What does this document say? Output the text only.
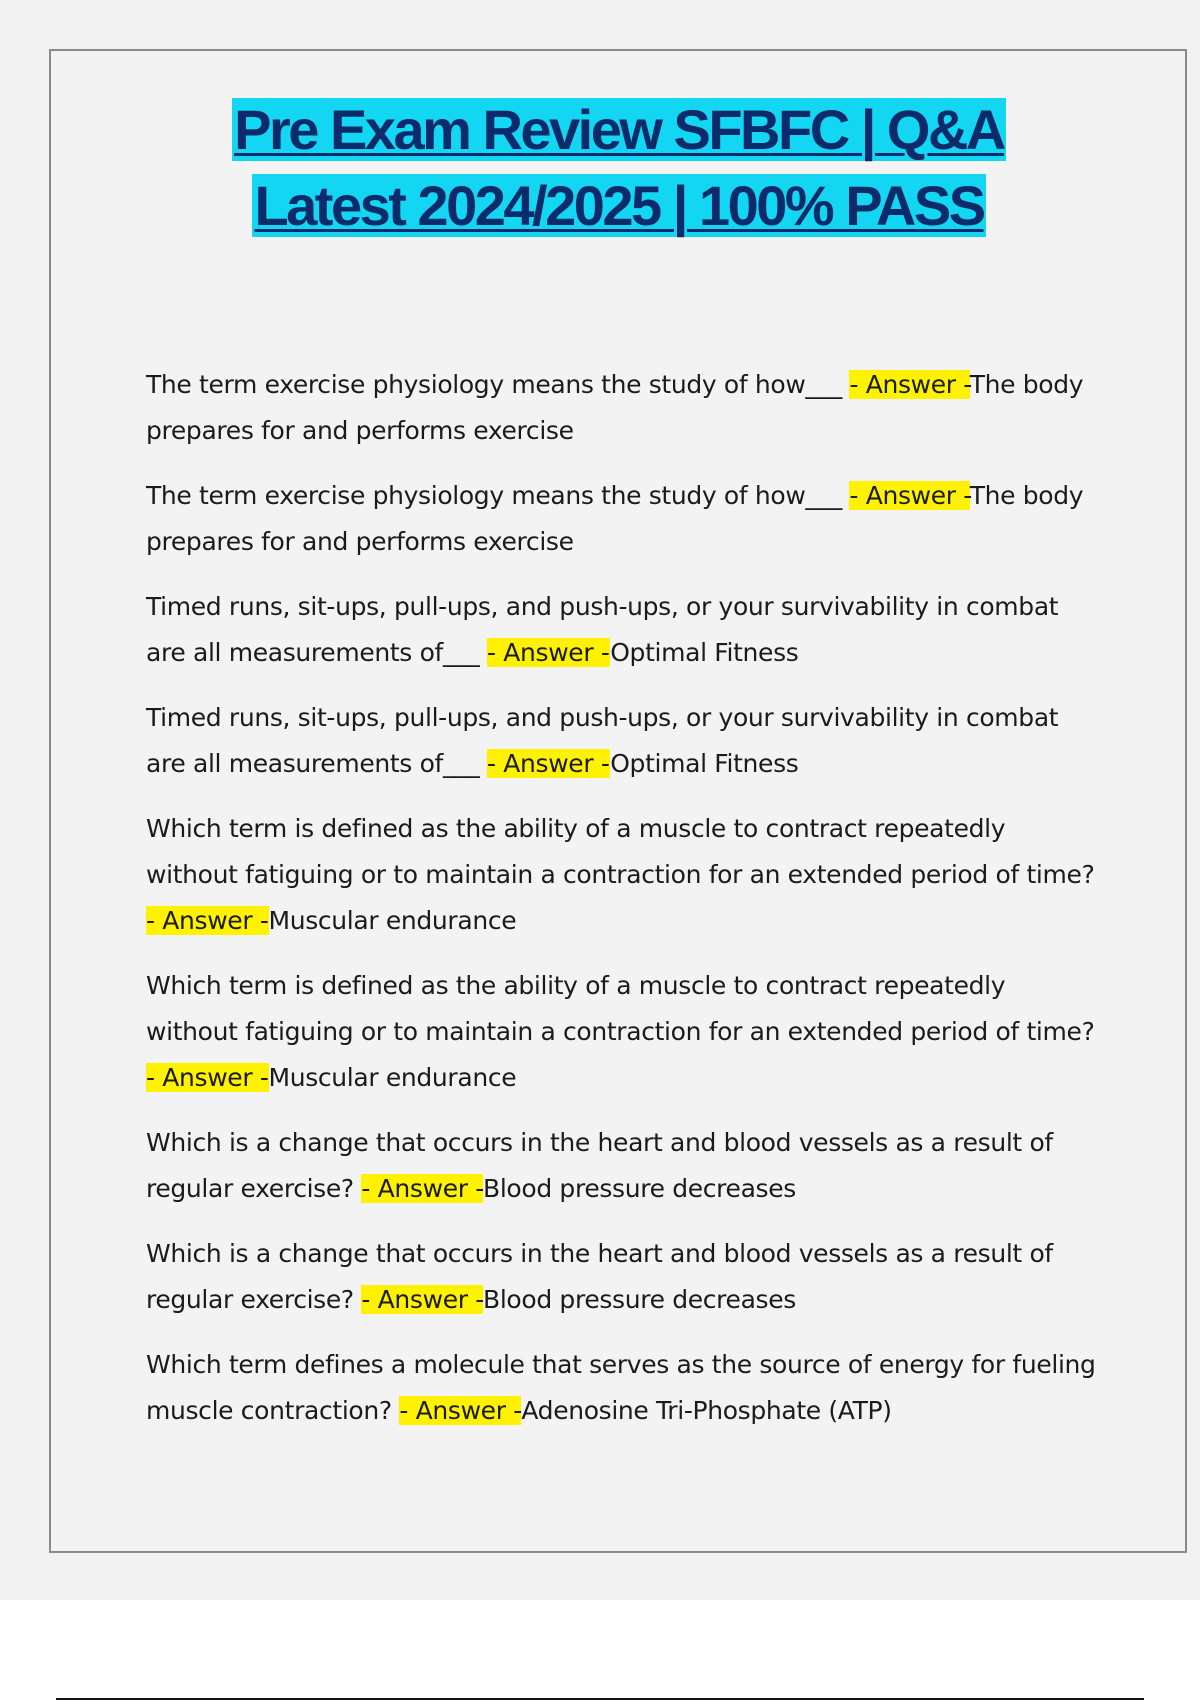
Pre Exam Review SFBFC | Q&A
Latest 2024/2025 | 100% PASS
The term exercise physiology means the study of how___ - Answer -The body prepares for and performs exercise
The term exercise physiology means the study of how___ - Answer -The body prepares for and performs exercise
Timed runs, sit-ups, pull-ups, and push-ups, or your survivability in combat are all measurements of___ - Answer -Optimal Fitness
Timed runs, sit-ups, pull-ups, and push-ups, or your survivability in combat are all measurements of___ - Answer -Optimal Fitness
Which term is defined as the ability of a muscle to contract repeatedly without fatiguing or to maintain a contraction for an extended period of time? - Answer -Muscular endurance
Which term is defined as the ability of a muscle to contract repeatedly without fatiguing or to maintain a contraction for an extended period of time? - Answer -Muscular endurance
Which is a change that occurs in the heart and blood vessels as a result of regular exercise? - Answer -Blood pressure decreases
Which is a change that occurs in the heart and blood vessels as a result of regular exercise? - Answer -Blood pressure decreases
Which term defines a molecule that serves as the source of energy for fueling muscle contraction? - Answer -Adenosine Tri-Phosphate (ATP)
